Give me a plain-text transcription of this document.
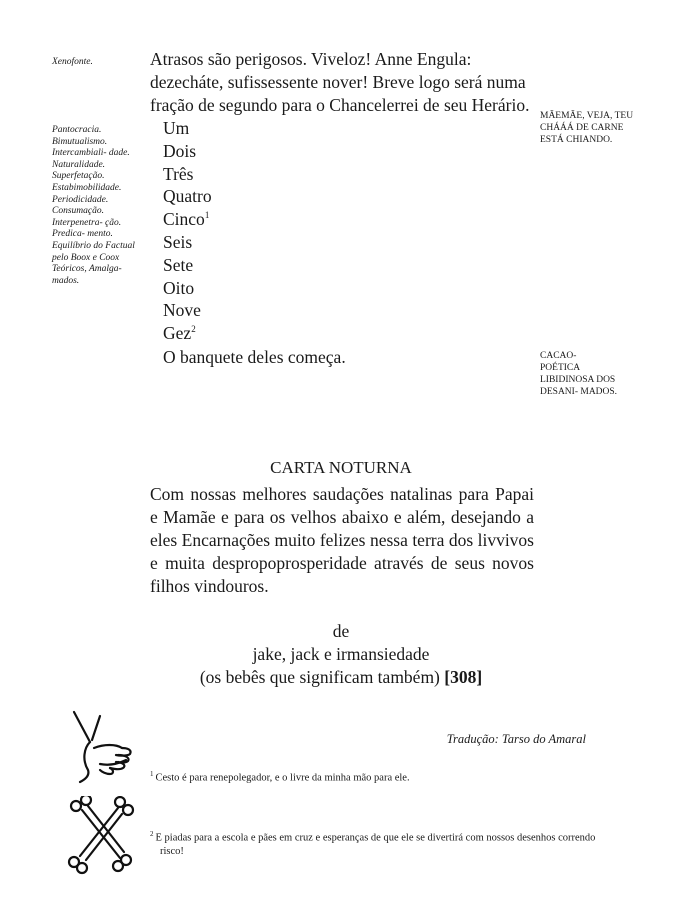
Xenofonte.
Pantocracia. Bimutualismo. Intercambiali- dade. Naturalidade. Superfetação. Estabimobilidade. Periodicidade. Consumação. Interpenetra- ção. Predica- mento. Equilíbrio do Factual pelo Boox e Coox Teóricos, Amalga- mados.
MÃEMÃE, VEJA, TEU CHÁÁÁ DE CARNE ESTÁ CHIANDO.
CACAO- POÉTICA LIBIDINOSA DOS DESANI- MADOS.
Atrasos são perigosos. Viveloz! Anne Engula: dezecháte, sufissessente nover! Breve logo será numa fração de segundo para o Chancelerrei de seu Herário.
Um
Dois
Três
Quatro
Cinco$^1$
Seis
Sete
Oito
Nove
Gez$^2$
O banquete deles começa.
CARTA NOTURNA
Com nossas melhores saudações natalinas para Papai e Mamãe e para os velhos abaixo e além, desejando a eles Encarnações muito felizes nessa terra dos livvivos e muita despropoprosperidade através de seus novos filhos vindouros.
de
jake, jack e irmansiedade
(os bebês que significam também) [308]
Tradução: Tarso do Amaral
$^1$ Cesto é para renepolegador, e o livre da minha mão para ele.
$^2$ E piadas para a escola e pães em cruz e esperanças de que ele se divertirá com nossos desenhos correndo risco!
